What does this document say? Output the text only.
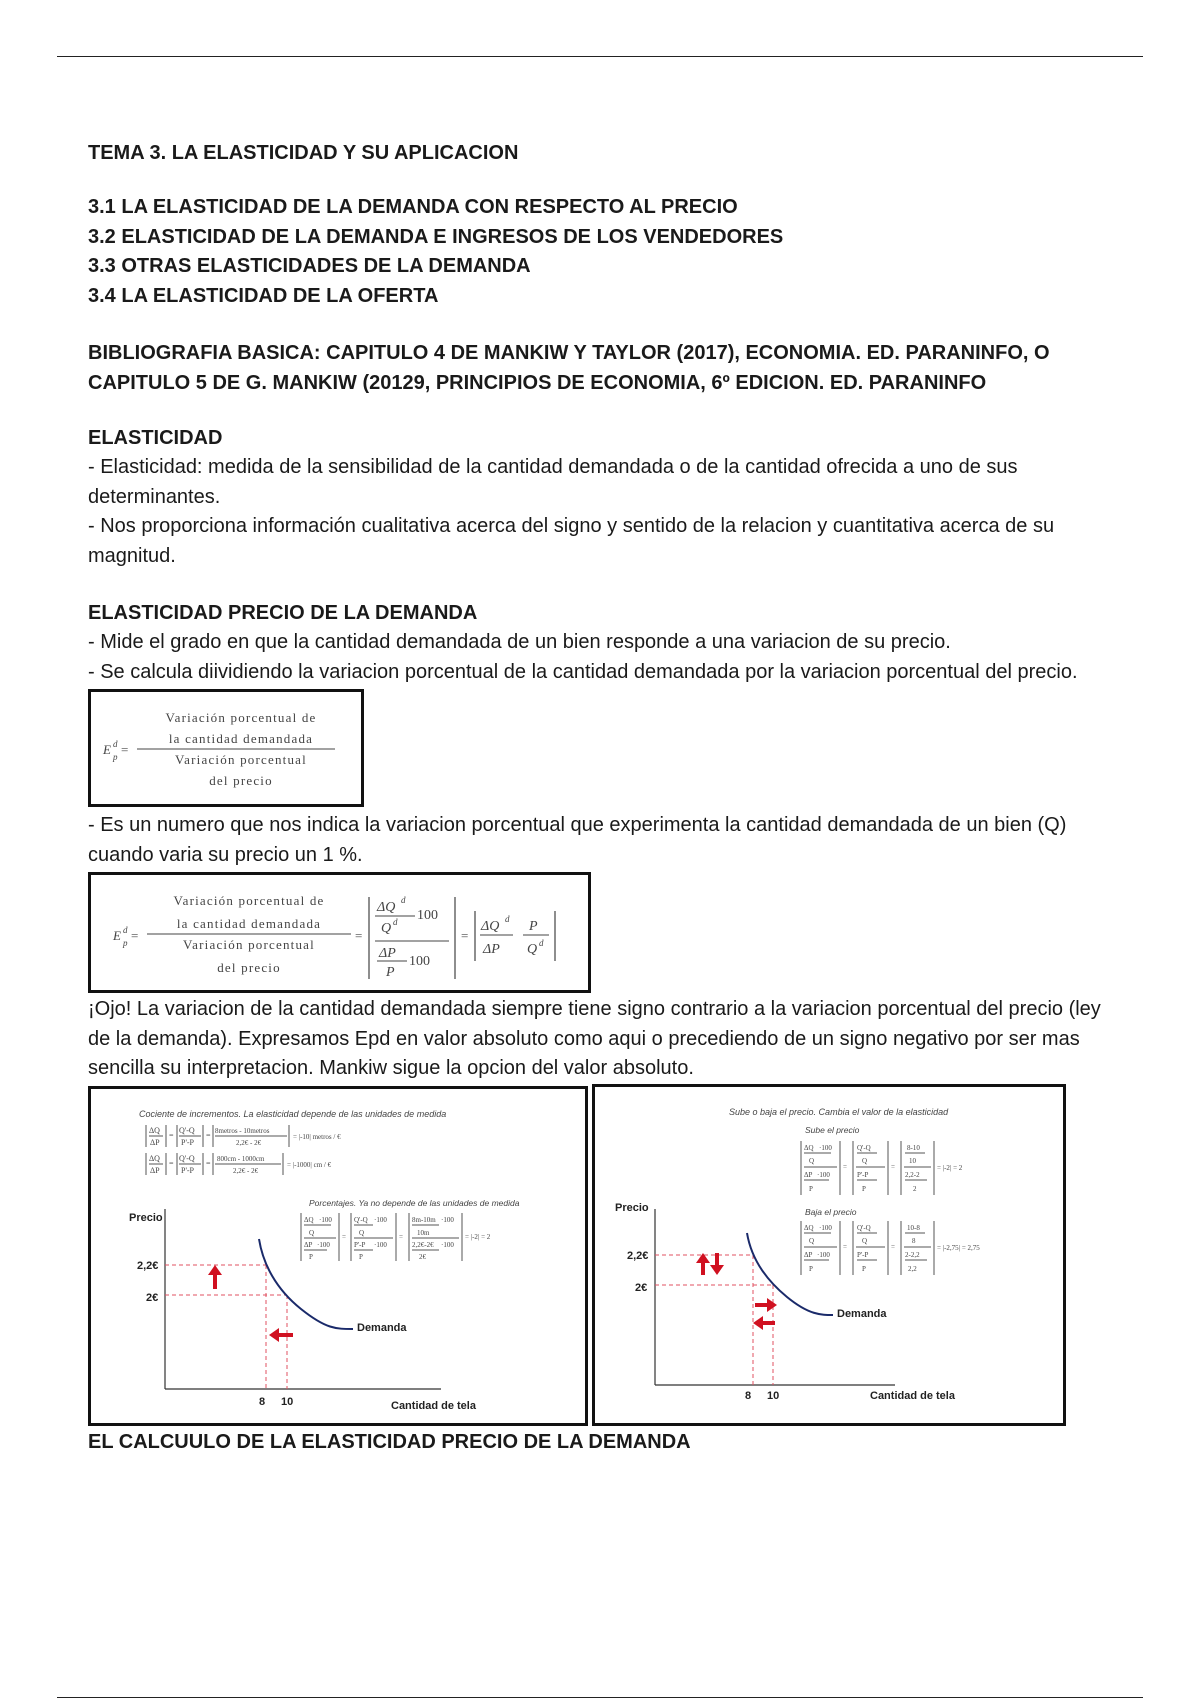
TEMA 3. LA ELASTICIDAD Y SU APLICACION
3.1 LA ELASTICIDAD DE LA DEMANDA CON RESPECTO AL PRECIO
3.2 ELASTICIDAD DE LA DEMANDA E INGRESOS DE LOS VENDEDORES
3.3 OTRAS ELASTICIDADES DE LA DEMANDA
3.4 LA ELASTICIDAD DE LA OFERTA
BIBLIOGRAFIA BASICA: CAPITULO 4 DE MANKIW Y TAYLOR (2017), ECONOMIA. ED. PARANINFO, O CAPITULO 5 DE G. MANKIW (20129, PRINCIPIOS DE ECONOMIA, 6º EDICION. ED. PARANINFO
ELASTICIDAD

- Elasticidad: medida de la sensibilidad de la cantidad demandada o de la cantidad ofrecida a uno de sus determinantes.

- Nos proporciona información cualitativa acerca del signo y sentido de la relacion y cuantitativa acerca de su magnitud.

ELASTICIDAD PRECIO DE LA DEMANDA

- Mide el grado en que la cantidad demandada de un bien responde a una variacion de su precio.

- Se calcula diividiendo la variacion porcentual de la cantidad demandada por la variacion porcentual del precio.

E d
p =
Variación porcentual de
la cantidad demandada
Variación porcentual
del precio

- Es un numero que nos indica la variacion porcentual que experimenta la cantidad demandada de un bien (Q) cuando varia su precio un 1 %.

E d
p =
Variación porcentual de
la cantidad demandada
Variación porcentual
del precio
=
ΔQ d
Q d 100
ΔP
P
100
=
ΔQ d
ΔP
P
Q d

¡Ojo! La variacion de la cantidad demandada siempre tiene signo contrario a la variacion porcentual del precio (ley de la demanda). Expresamos Epd en valor absoluto como aqui o precediendo de un signo negativo por ser mas sencilla su interpretacion. Mankiw sigue la opcion del valor absoluto.

Cociente de incrementos. La elasticidad depende de las unidades de medida
ΔQ
ΔP
=
Q'-Q
P'-P
= 8metros - 10metros
2,2€ - 2€
= |-10| metros / €
ΔQ
ΔP
=
Q'-Q
P'-P
= 800cm - 1000cm
2,2€ - 2€
= |-1000| cm / €
Porcentajes. Ya no depende de las unidades de medida
ΔQ ·100
Q
ΔP ·100
P
=
Q'-Q ·100
Q
P'-P ·100
P
=
8m-10m ·100
10m
2,2€-2€ ·100
2€
= |-2| = 2
Precio
Cantidad de tela
2,2€
2€
8 10
Demanda
Sube o baja el precio. Cambia el valor de la elasticidad
Sube el precio
ΔQ ·100
Q
ΔP ·100
P
=
Q'-Q
Q
P'-P
P
=
8-10
10
2,2-2
2
= |-2| = 2
Baja el precio
ΔQ ·100
Q
ΔP ·100
P
=
Q'-Q
Q
P'-P
P
=
10-8
8
2-2,2
2,2
= |-2,75| = 2,75
Precio
Cantidad de tela
2,2€
2€
8 10
Demanda
EL CALCUULO DE LA ELASTICIDAD PRECIO DE LA DEMANDA
